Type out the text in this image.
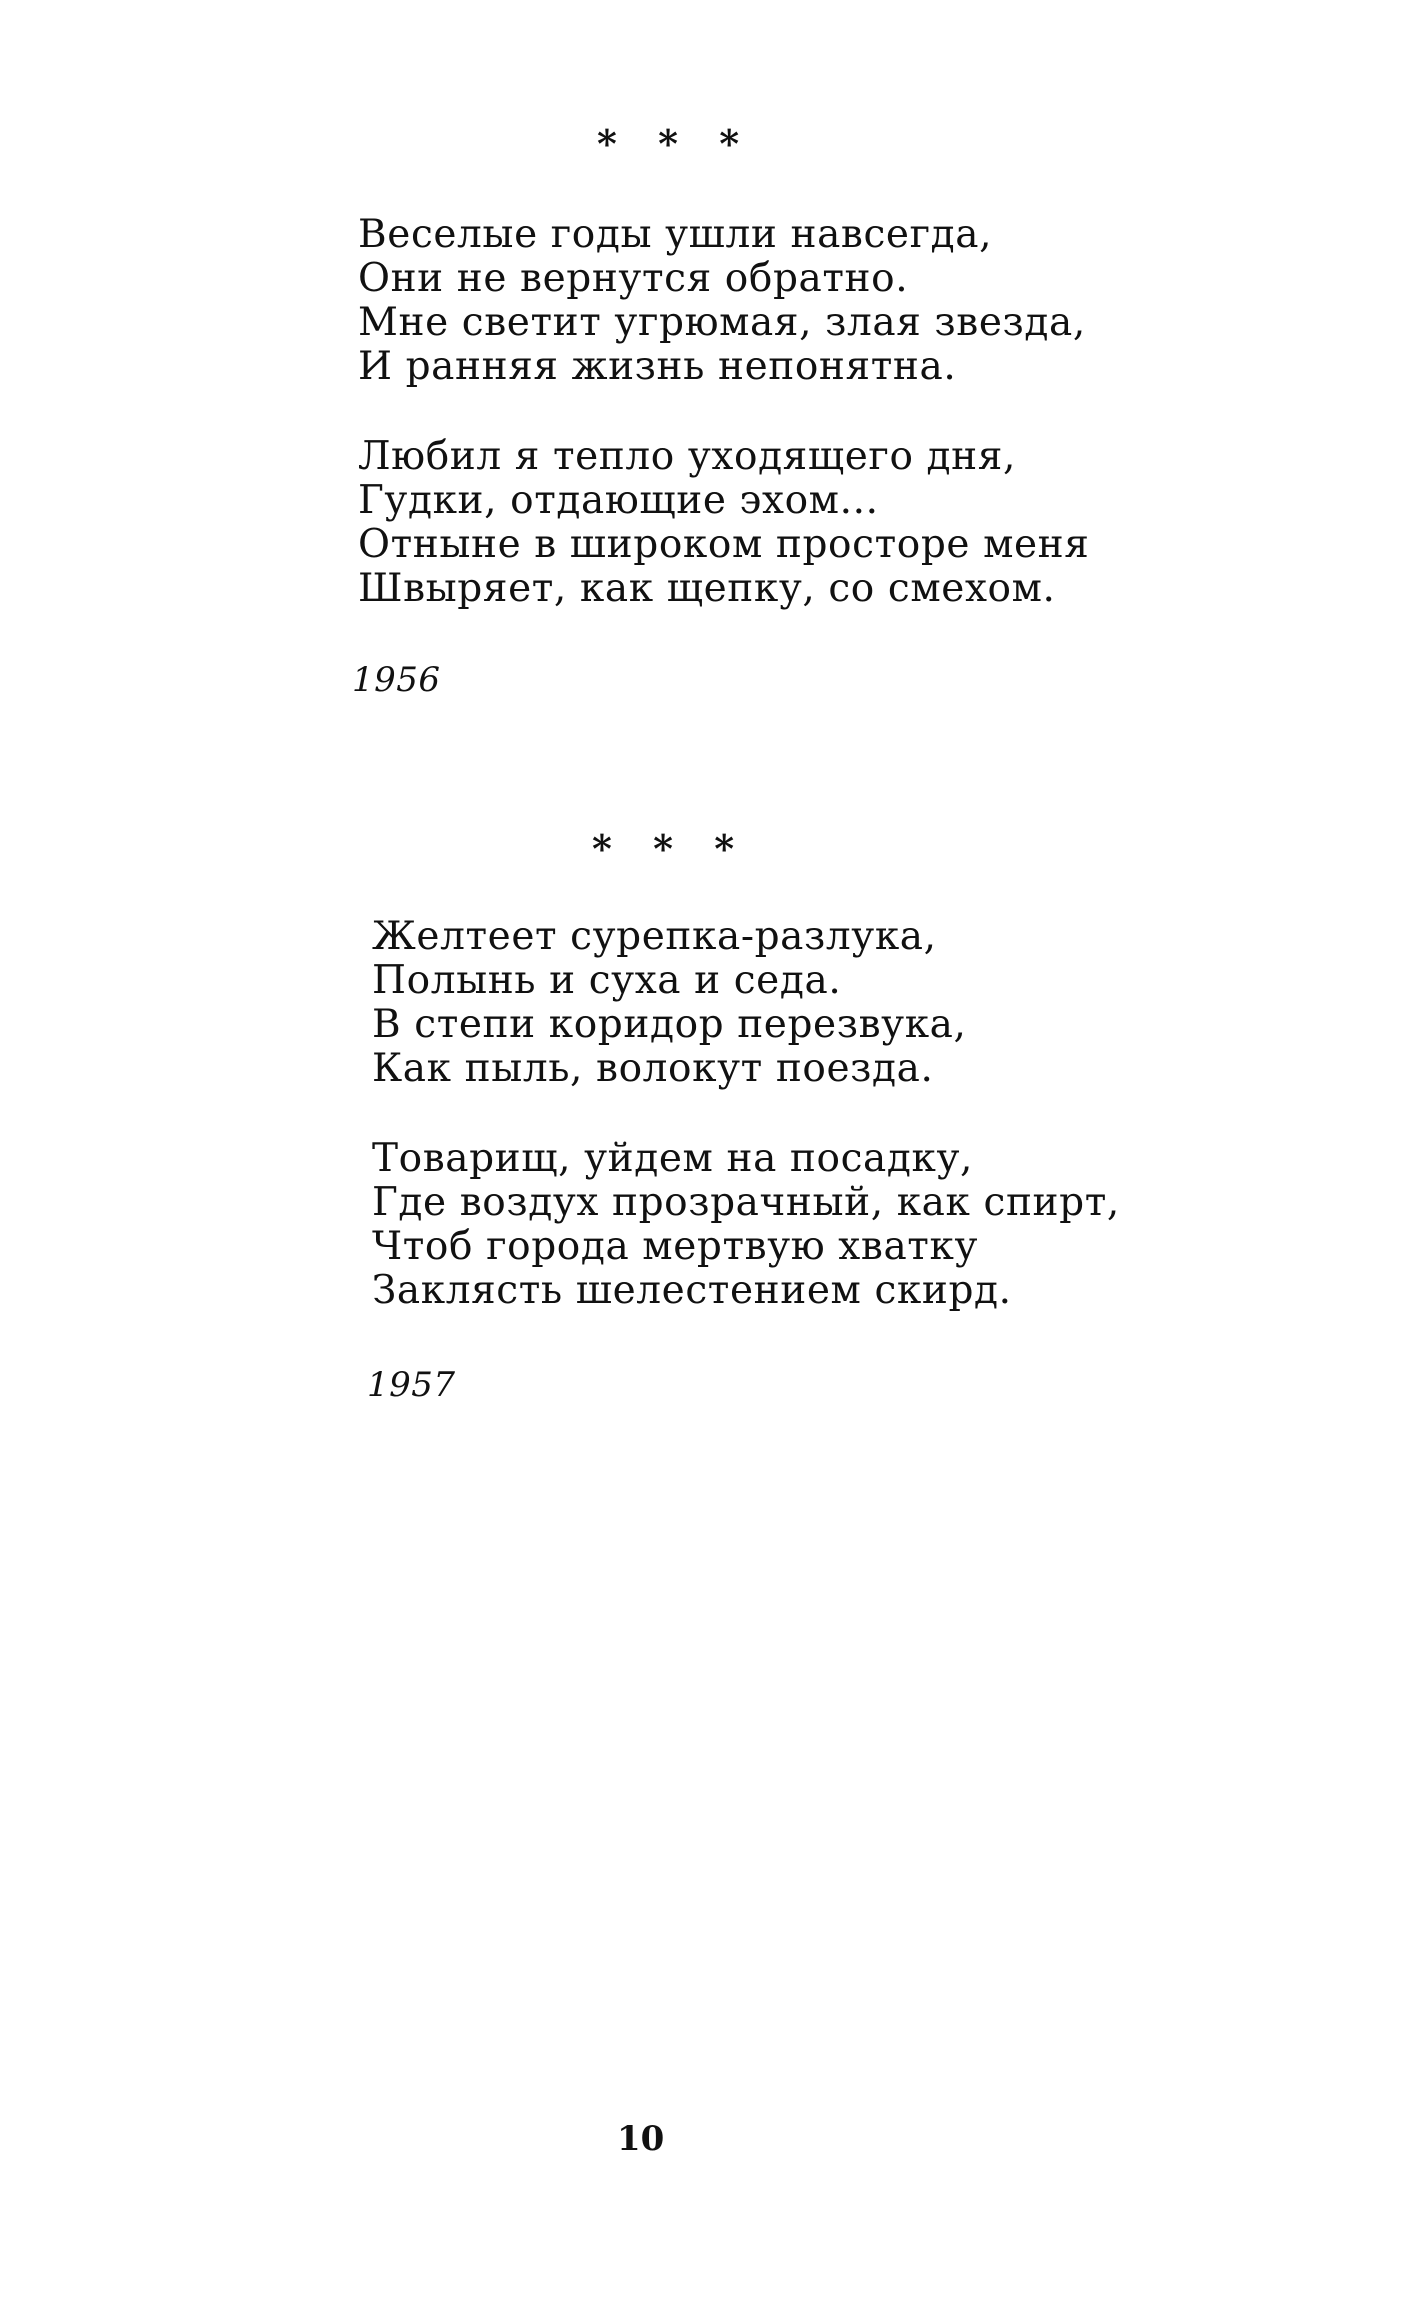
* * *
Веселые годы ушли навсегда,
Они не вернутся обратно.
Мне светит угрюмая, злая звезда,
И ранняя жизнь непонятна.
Любил я тепло уходящего дня,
Гудки, отдающие эхом...
Отныне в широком просторе меня
Швыряет, как щепку, со смехом.
1956
* * *
Желтеет сурепка-разлука,
Полынь и суха и седа.
В степи коридор перезвука,
Как пыль, волокут поезда.
Товарищ, уйдем на посадку,
Где воздух прозрачный, как спирт,
Чтоб города мертвую хватку
Заклясть шелестением скирд.
1957
10
